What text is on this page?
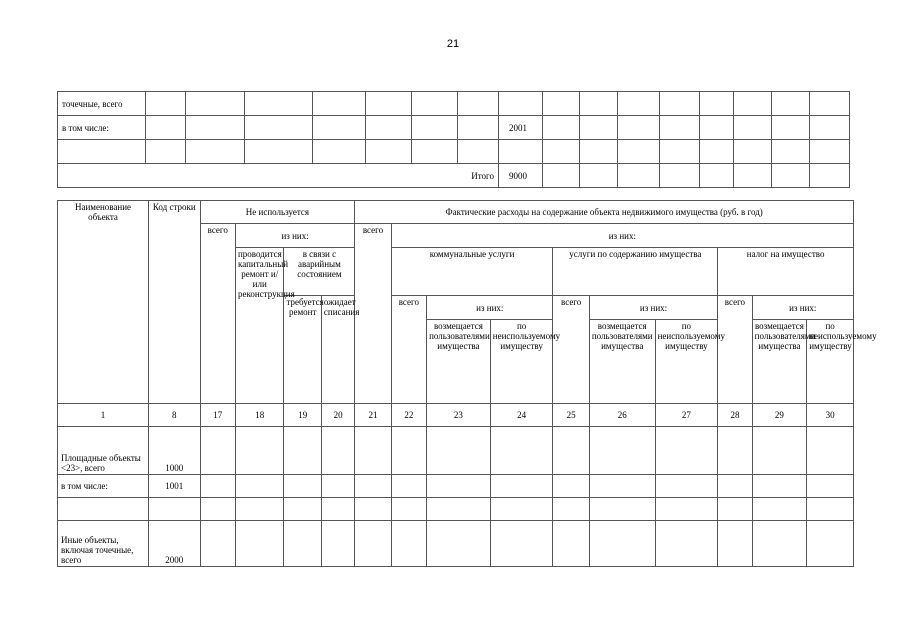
21
точечные, всего																
в том числе:								2001								

Итого								9000								
Наименование объекта	Код строки	Не используется				Фактические расходы на содержание объекта недвижимого имущества (руб. в год)									
		всего	из них:			всего	из них:								
			проводится капитальный ремонт и/или реконструкция	в связи с аварийным состоянием			коммунальные услуги			услуги по содержанию имущества			налог на имущество		
				требуется ремонт	ожидает списания		всего	из них:		всего	из них:		всего	из них:	
								возмещается пользователями имущества	по неиспользуемому имуществу		возмещается пользователями имущества	по неиспользуемому имуществу		возмещается пользователями имущества	по неиспользуемому имуществу
1	8	17	18	19	20	21	22	23	24	25	26	27	28	29	30
Площадные объекты <23>, всего	1000														
в том числе:	1001														

Иные объекты, включая точечные, всего	2000														
